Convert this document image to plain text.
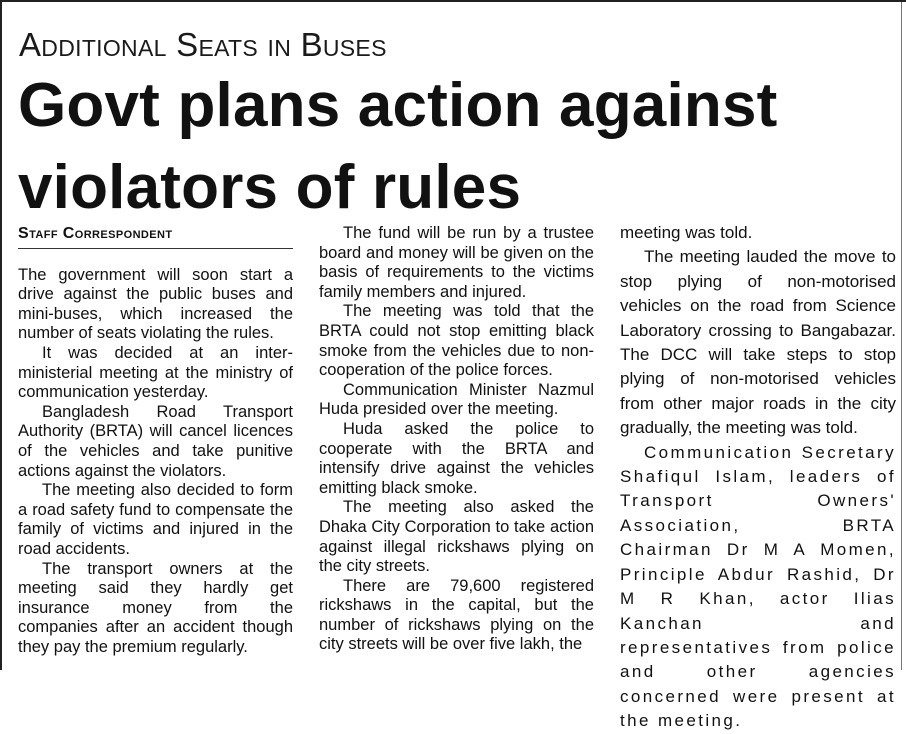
Additional Seats in Buses
Govt plans action against
violators of rules
Staff Correspondent

The government will soon start a drive against the public buses and mini-buses, which increased the number of seats violating the rules.

It was decided at an inter-ministerial meeting at the ministry of communication yesterday.

Bangladesh Road Transport Authority (BRTA) will cancel licences of the vehicles and take punitive actions against the violators.

The meeting also decided to form a road safety fund to compensate the family of victims and injured in the road accidents.

The transport owners at the meeting said they hardly get insurance money from the companies after an accident though they pay the premium regularly.

The fund will be run by a trustee board and money will be given on the basis of requirements to the victims family members and injured.

The meeting was told that the BRTA could not stop emitting black smoke from the vehicles due to non-cooperation of the police forces.

Communication Minister Nazmul Huda presided over the meeting.

Huda asked the police to cooperate with the BRTA and intensify drive against the vehicles emitting black smoke.

The meeting also asked the Dhaka City Corporation to take action against illegal rickshaws plying on the city streets.

There are 79,600 registered rickshaws in the capital, but the number of rickshaws plying on the city streets will be over five lakh, the

meeting was told.

The meeting lauded the move to stop plying of non-motorised vehicles on the road from Science Laboratory crossing to Bangabazar. The DCC will take steps to stop plying of non-motorised vehicles from other major roads in the city gradually, the meeting was told.

Communication Secretary Shafiqul Islam, leaders of Transport Owners' Association, BRTA Chairman Dr M A Momen, Principle Abdur Rashid, Dr M R Khan, actor Ilias Kanchan and representatives from police and other agencies concerned were present at the meeting.
